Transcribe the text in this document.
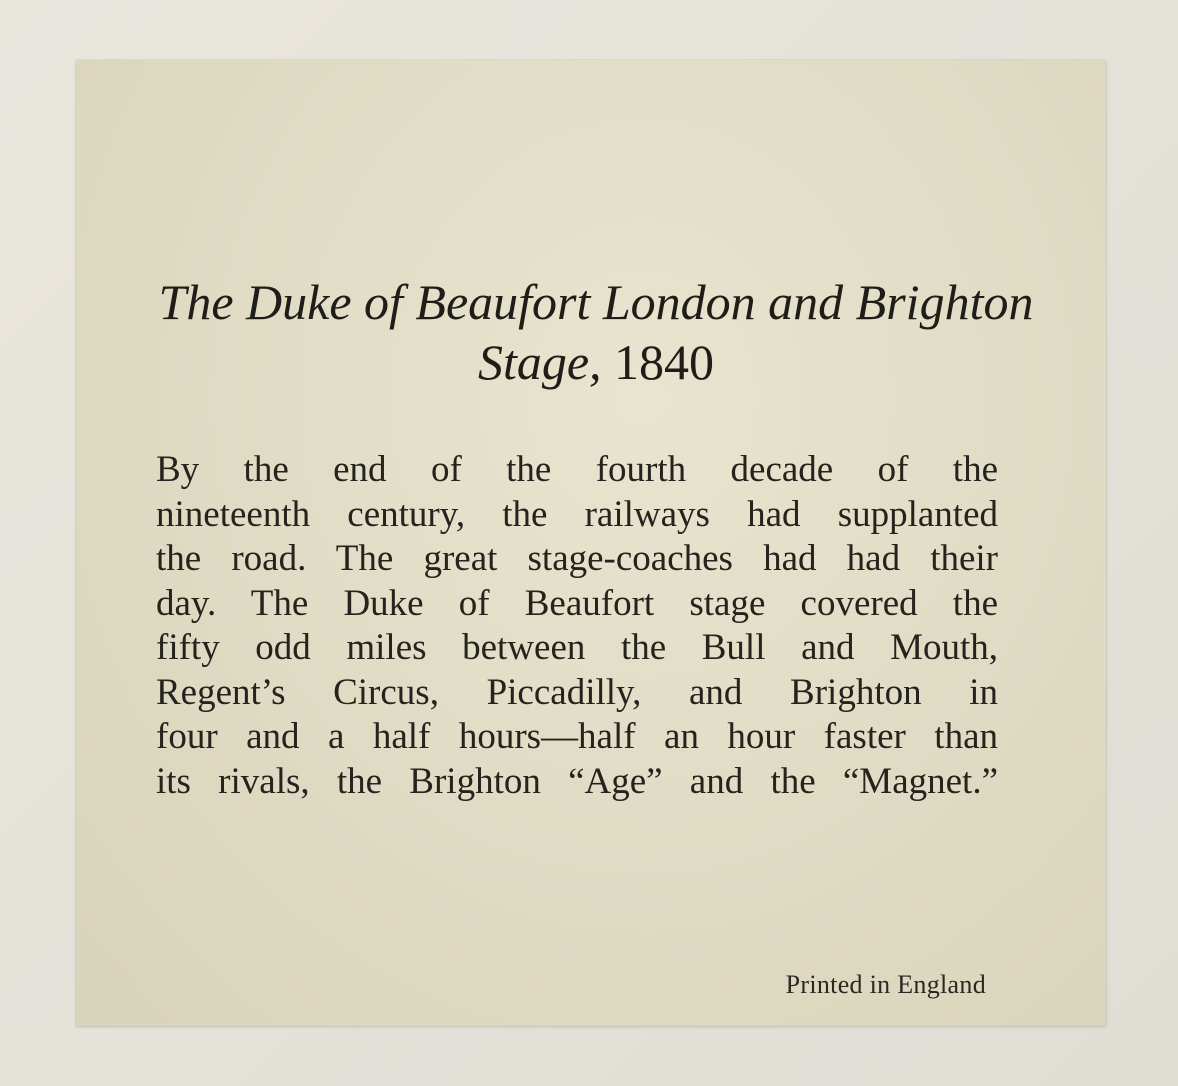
The Duke of Beaufort London and Brighton Stage, 1840

By the end of the fourth decade of the
nineteenth century, the railways had supplanted
the road. The great stage-coaches had had their
day. The Duke of Beaufort stage covered the
fifty odd miles between the Bull and Mouth,
Regent’s Circus, Piccadilly, and Brighton in
four and a half hours—half an hour faster than
its rivals, the Brighton “Age” and the “Magnet.”

Printed in England
